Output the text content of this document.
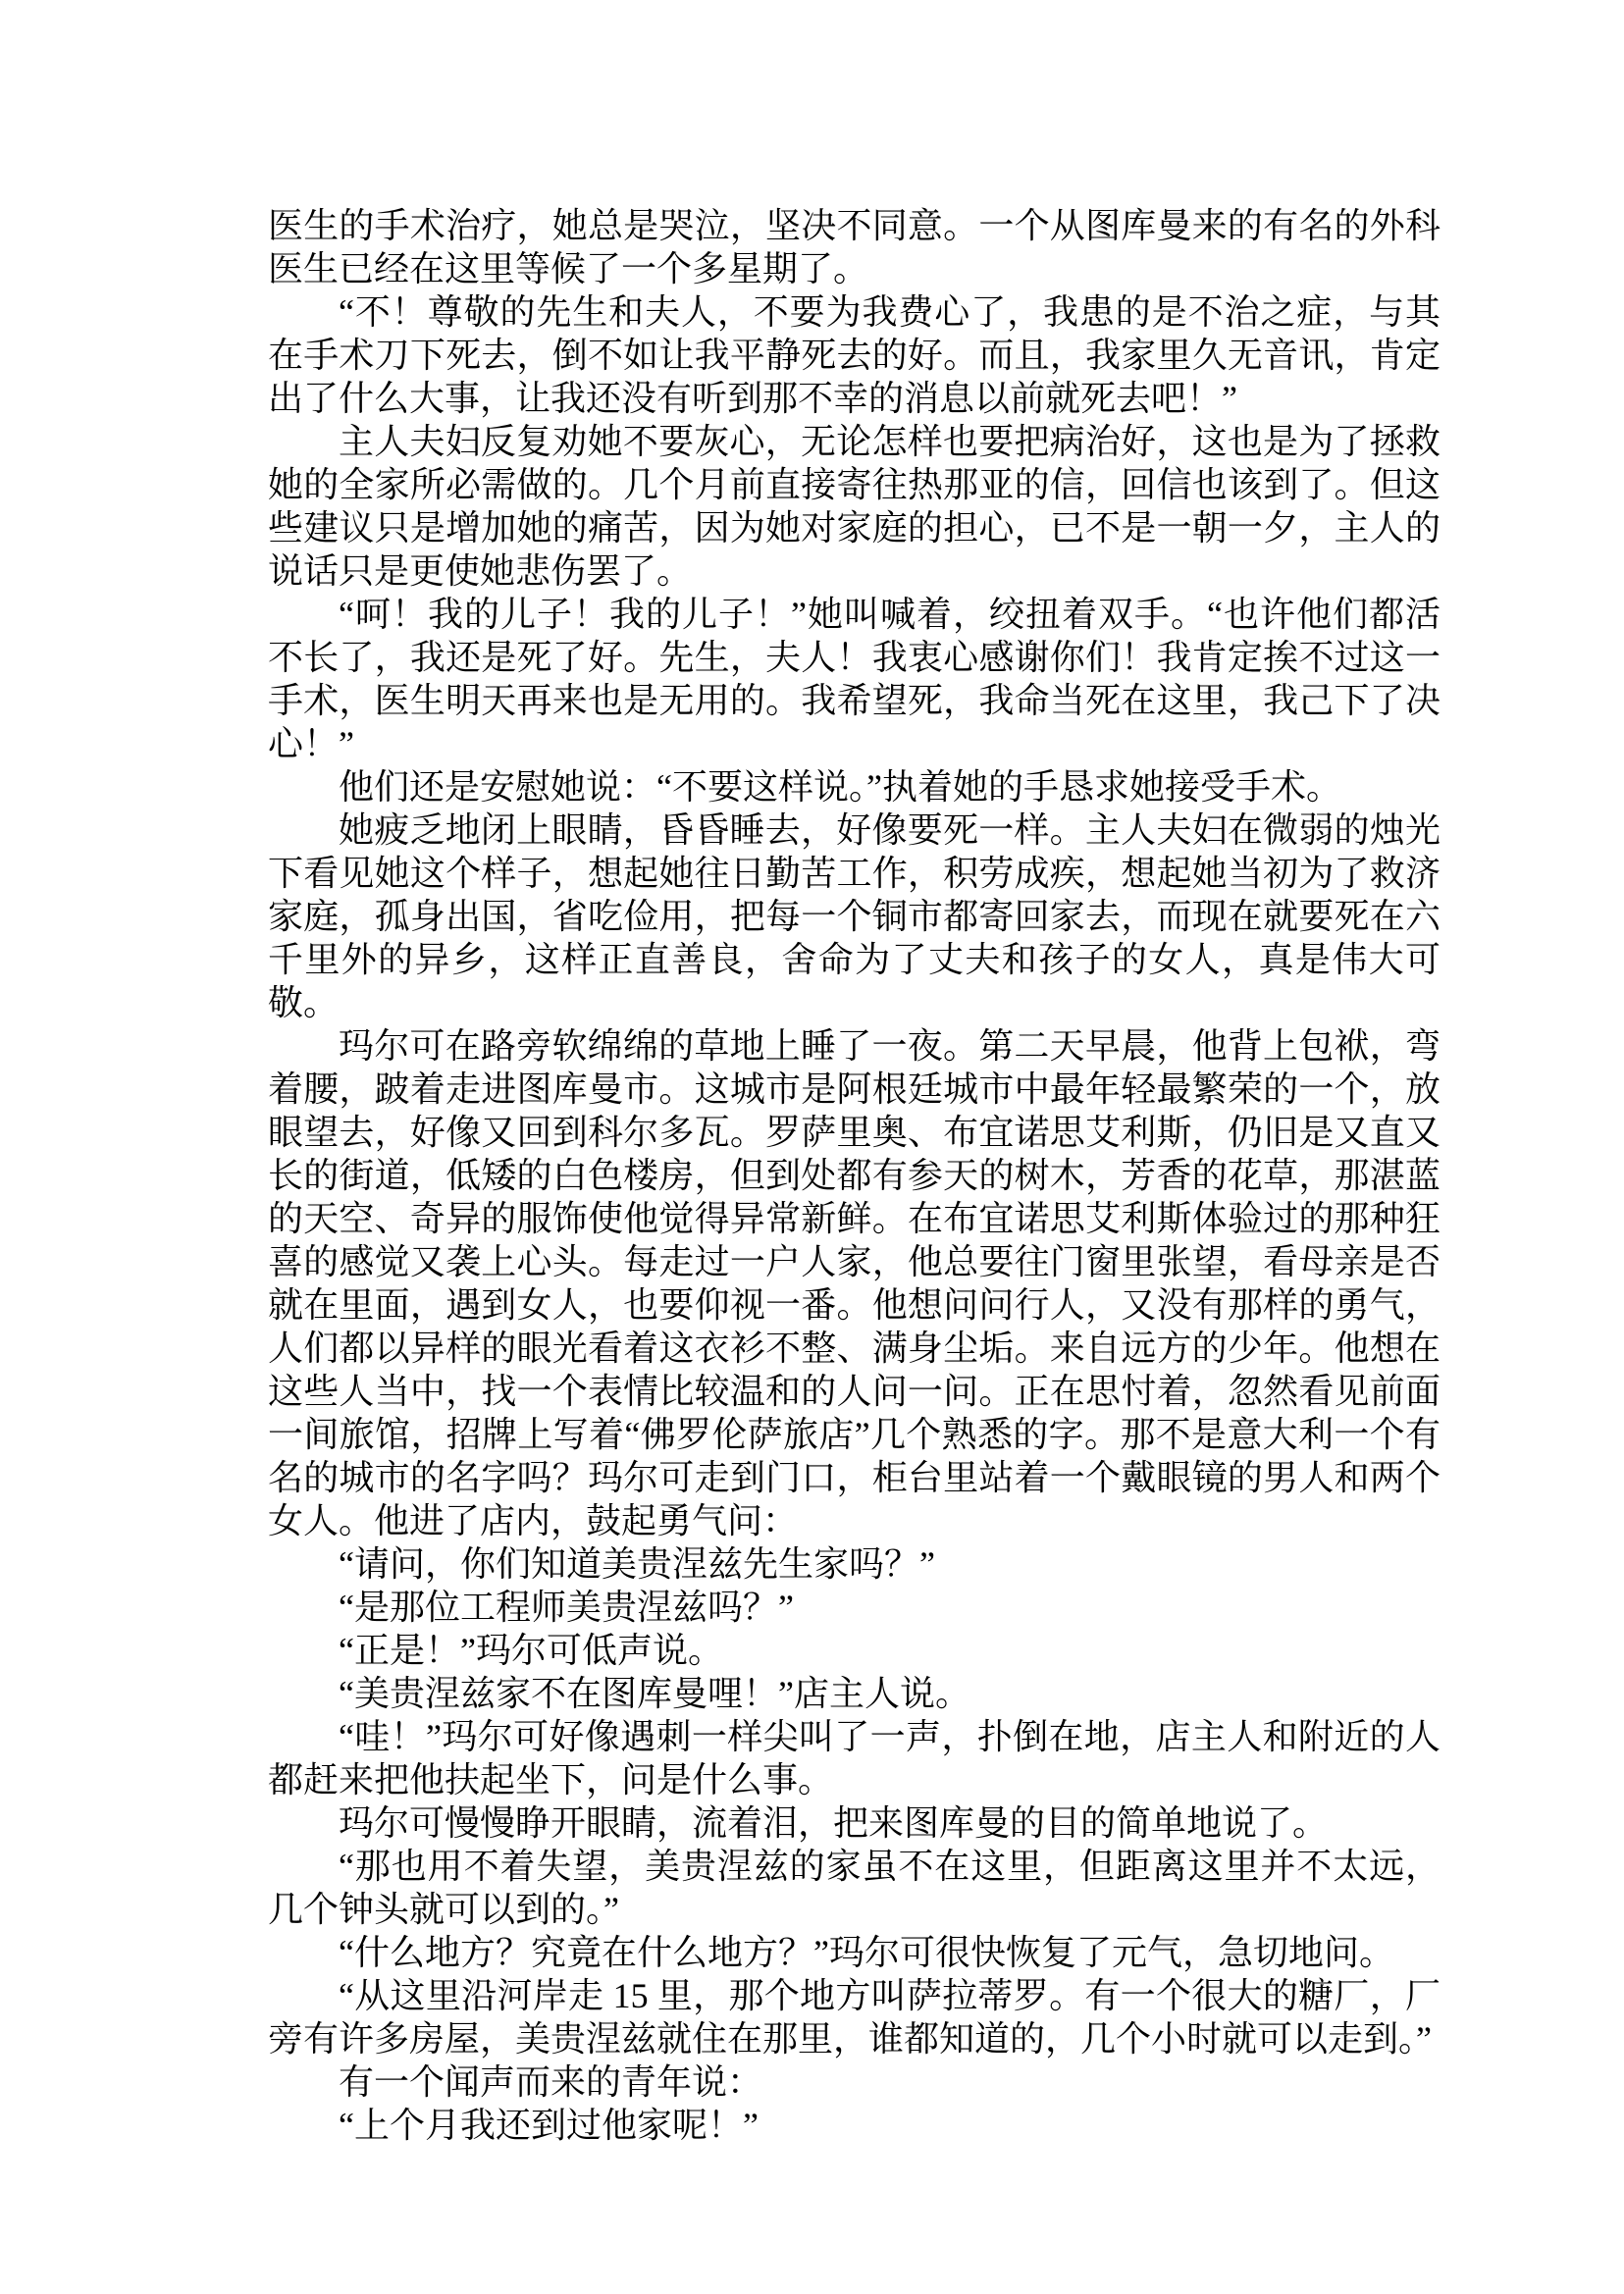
医生的手术治疗，她总是哭泣，坚决不同意。一个从图库曼来的有名的外科医生已经在这里等候了一个多星期了。

“不！尊敬的先生和夫人，不要为我费心了，我患的是不治之症，与其在手术刀下死去，倒不如让我平静死去的好。而且，我家里久无音讯，肯定出了什么大事，让我还没有听到那不幸的消息以前就死去吧！”

主人夫妇反复劝她不要灰心，无论怎样也要把病治好，这也是为了拯救她的全家所必需做的。几个月前直接寄往热那亚的信，回信也该到了。但这些建议只是增加她的痛苦，因为她对家庭的担心，已不是一朝一夕，主人的说话只是更使她悲伤罢了。

“呵！我的儿子！我的儿子！”她叫喊着，绞扭着双手。“也许他们都活不长了，我还是死了好。先生，夫人！我衷心感谢你们！我肯定挨不过这一手术，医生明天再来也是无用的。我希望死，我命当死在这里，我己下了决心！”

他们还是安慰她说：“不要这样说。”执着她的手恳求她接受手术。

她疲乏地闭上眼睛，昏昏睡去，好像要死一样。主人夫妇在微弱的烛光下看见她这个样子，想起她往日勤苦工作，积劳成疾，想起她当初为了救济家庭，孤身出国，省吃俭用，把每一个铜市都寄回家去，而现在就要死在六千里外的异乡，这样正直善良，舍命为了丈夫和孩子的女人，真是伟大可敬。

玛尔可在路旁软绵绵的草地上睡了一夜。第二天早晨，他背上包袱，弯着腰，跛着走进图库曼市。这城市是阿根廷城市中最年轻最繁荣的一个，放眼望去，好像又回到科尔多瓦。罗萨里奥、布宜诺思艾利斯，仍旧是又直又长的街道，低矮的白色楼房，但到处都有参天的树木，芳香的花草，那湛蓝的天空、奇异的服饰使他觉得异常新鲜。在布宜诺思艾利斯体验过的那种狂喜的感觉又袭上心头。每走过一户人家，他总要往门窗里张望，看母亲是否就在里面，遇到女人，也要仰视一番。他想问问行人，又没有那样的勇气，人们都以异样的眼光看着这衣衫不整、满身尘垢。来自远方的少年。他想在这些人当中，找一个表情比较温和的人问一问。正在思忖着，忽然看见前面一间旅馆，招牌上写着“佛罗伦萨旅店”几个熟悉的字。那不是意大利一个有名的城市的名字吗？玛尔可走到门口，柜台里站着一个戴眼镜的男人和两个女人。他进了店内，鼓起勇气问：

“请问，你们知道美贵涅兹先生家吗？”

“是那位工程师美贵涅兹吗？”

“正是！”玛尔可低声说。

“美贵涅兹家不在图库曼哩！”店主人说。

“哇！”玛尔可好像遇刺一样尖叫了一声，扑倒在地，店主人和附近的人都赶来把他扶起坐下，问是什么事。

玛尔可慢慢睁开眼睛，流着泪，把来图库曼的目的简单地说了。

“那也用不着失望，美贵涅兹的家虽不在这里，但距离这里并不太远，几个钟头就可以到的。”

“什么地方？究竟在什么地方？”玛尔可很快恢复了元气，急切地问。

“从这里沿河岸走 15 里，那个地方叫萨拉蒂罗。有一个很大的糖厂，厂旁有许多房屋，美贵涅兹就住在那里，谁都知道的，几个小时就可以走到。”

有一个闻声而来的青年说：

“上个月我还到过他家呢！”
